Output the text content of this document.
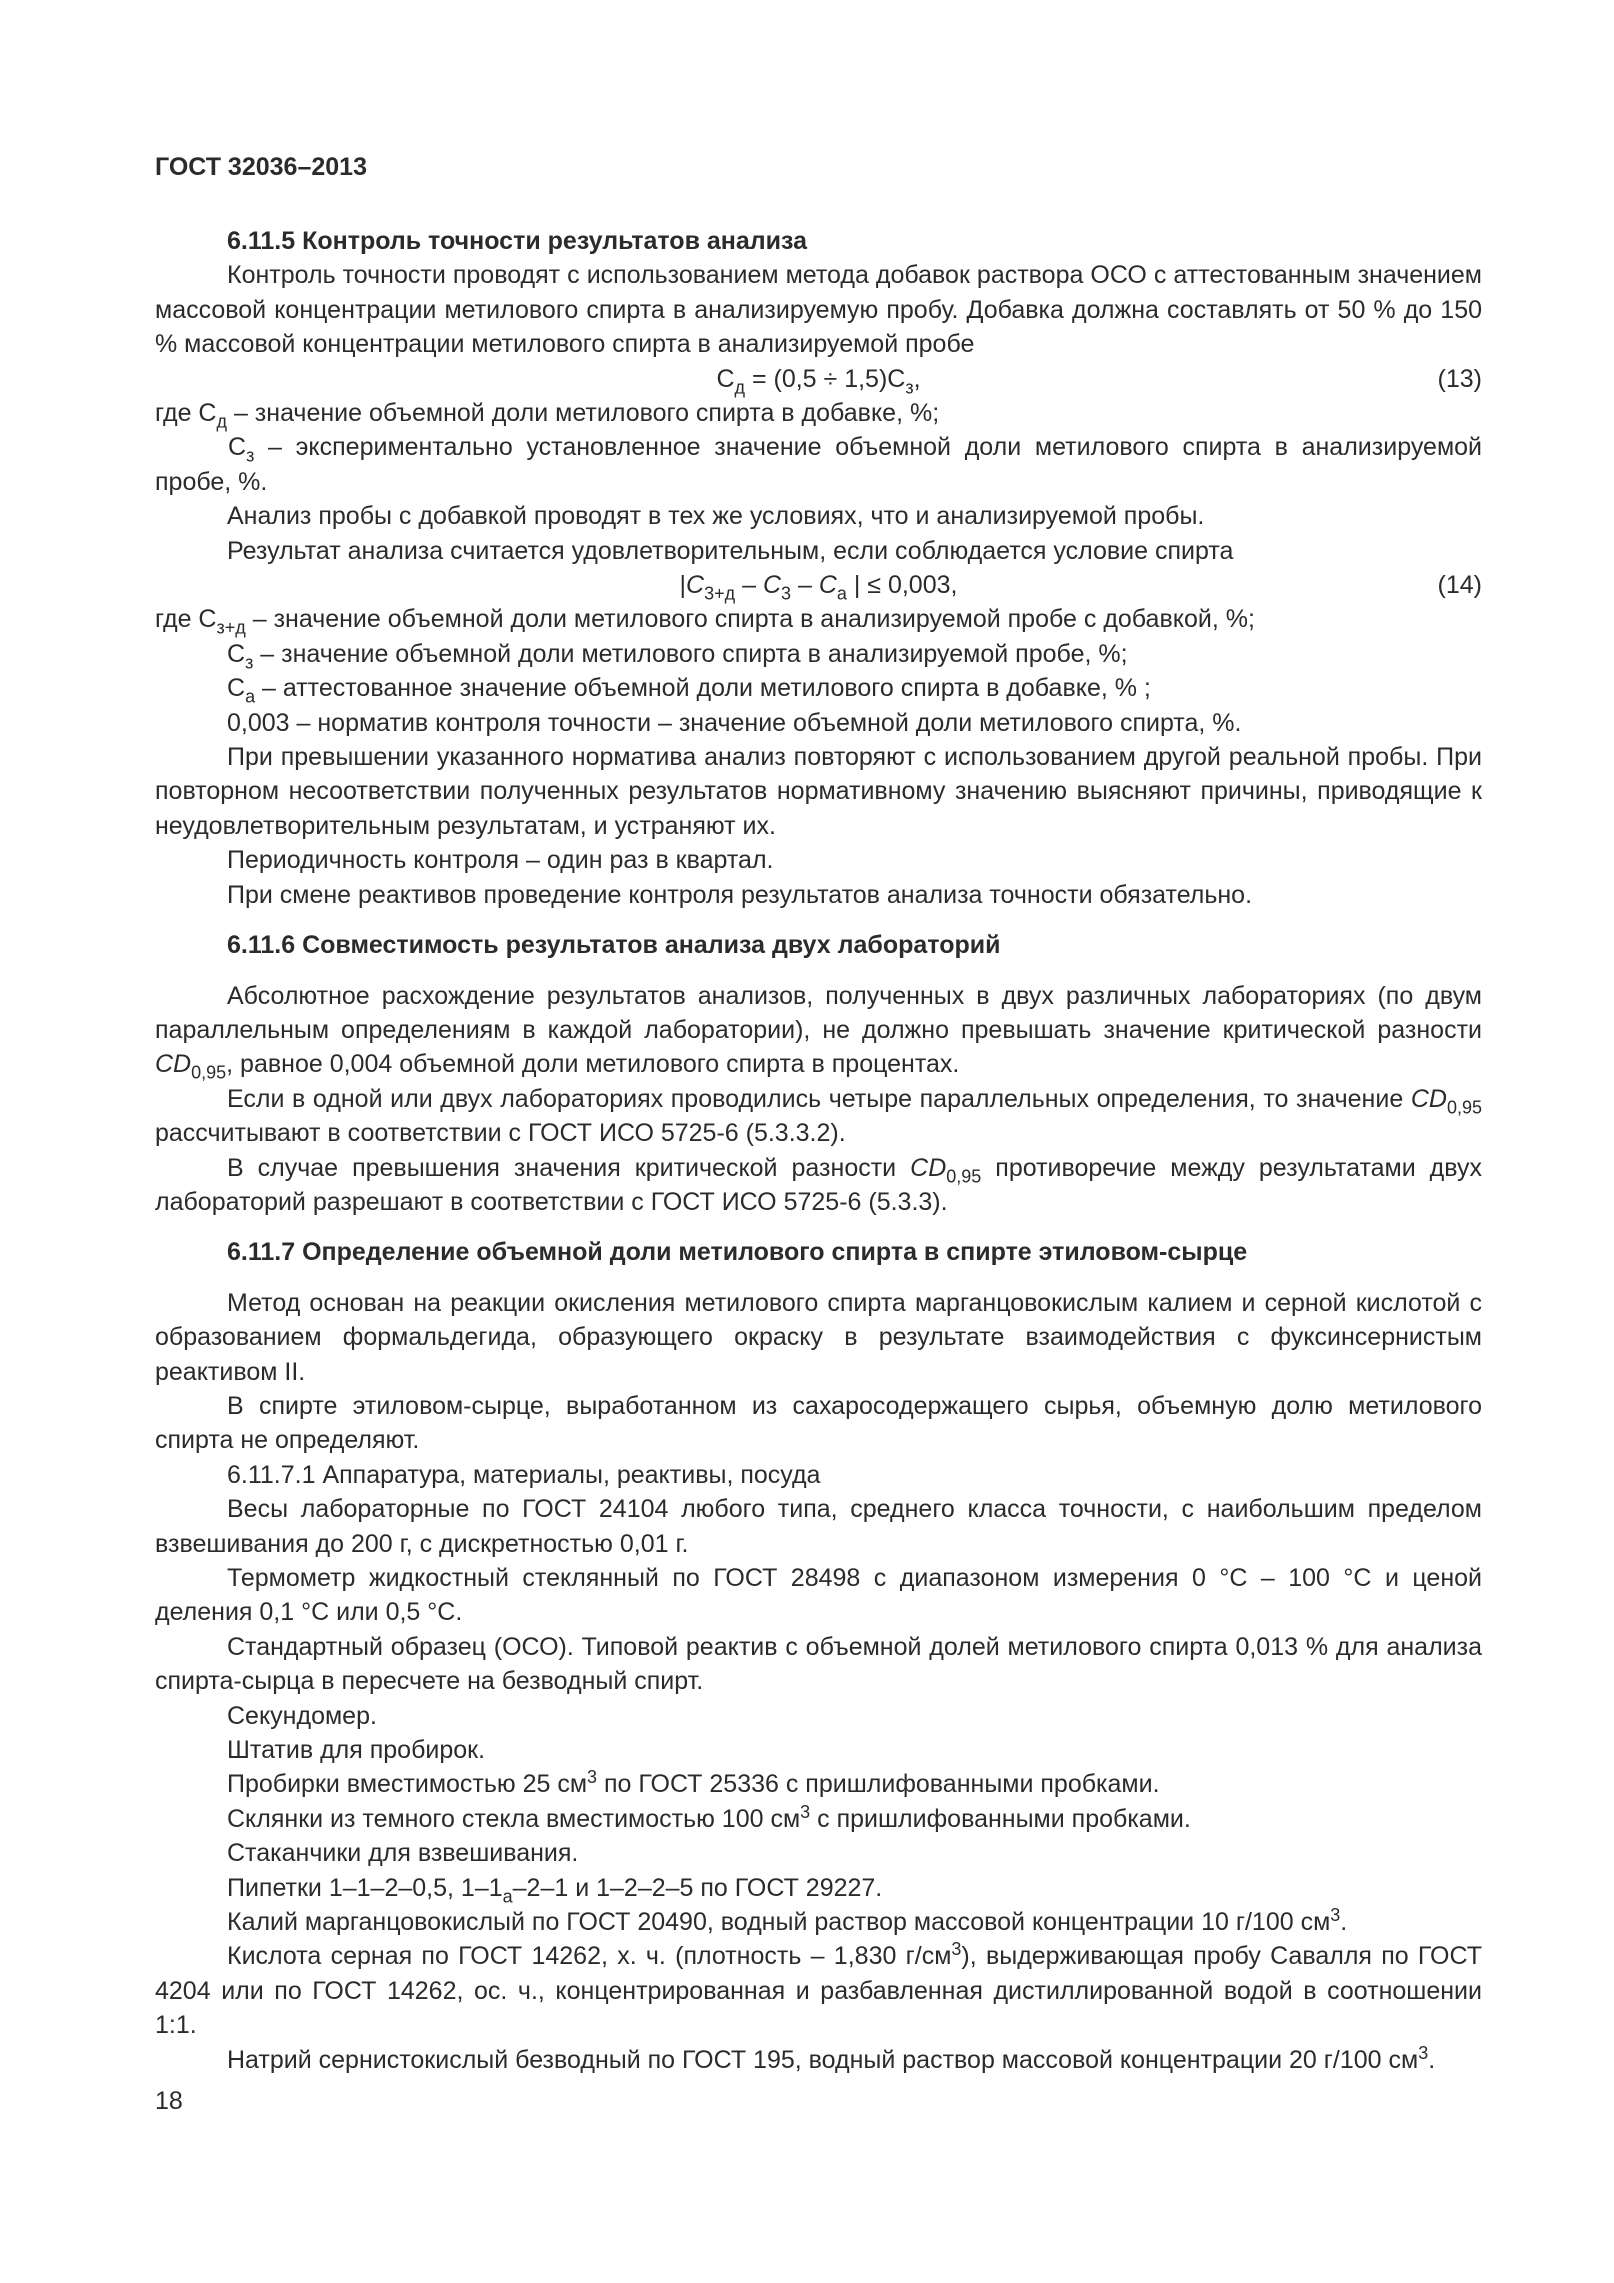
ГОСТ 32036–2013

6.11.5 Контроль точности результатов анализа

Контроль точности проводят с использованием метода добавок раствора ОСО с аттестованным значением массовой концентрации метилового спирта в анализируемую пробу. Добавка должна составлять от 50 % до 150 % массовой концентрации метилового спирта в анализируемой пробе

$С_д = (0,5 \div 1,5)С_з$,	(13)

где $С_д$ – значение объемной доли метилового спирта в добавке, %;

$С_з$ – экспериментально установленное значение объемной доли метилового спирта в анализируемой пробе, %.

Анализ пробы с добавкой проводят в тех же условиях, что и анализируемой пробы.

Результат анализа считается удовлетворительным, если соблюдается условие спирта

$|C_{3+д} - C_3 - C_a$ | ≤ 0,003,	(14)

где $С_{з+д}$ – значение объемной доли метилового спирта в анализируемой пробе с добавкой, %;

$С_з$ – значение объемной доли метилового спирта в анализируемой пробе, %;

$С_а$ – аттестованное значение объемной доли метилового спирта в добавке, % ;

0,003 – норматив контроля точности – значение объемной доли метилового спирта, %.

При превышении указанного норматива анализ повторяют с использованием другой реальной пробы. При повторном несоответствии полученных результатов нормативному значению выясняют причины, приводящие к неудовлетворительным результатам, и устраняют их.

Периодичность контроля – один раз в квартал.

При смене реактивов проведение контроля результатов анализа точности обязательно.

6.11.6 Совместимость результатов анализа двух лабораторий

Абсолютное расхождение результатов анализов, полученных в двух различных лабораториях (по двум параллельным определениям в каждой лаборатории), не должно превышать значение критической разности $CD_{0,95}$, равное 0,004 объемной доли метилового спирта в процентах.

Если в одной или двух лабораториях проводились четыре параллельных определения, то значение $CD_{0,95}$ рассчитывают в соответствии с ГОСТ ИСО 5725-6 (5.3.3.2).

В случае превышения значения критической разности $CD_{0,95}$ противоречие между результатами двух лабораторий разрешают в соответствии с ГОСТ ИСО 5725-6 (5.3.3).

6.11.7 Определение объемной доли метилового спирта в спирте этиловом-сырце

Метод основан на реакции окисления метилового спирта марганцовокислым калием и серной кислотой с образованием формальдегида, образующего окраску в результате взаимодействия с фуксинсернистым реактивом II.

В спирте этиловом-сырце, выработанном из сахаросодержащего сырья, объемную долю метилового спирта не определяют.

6.11.7.1 Аппаратура, материалы, реактивы, посуда

Весы лабораторные по ГОСТ 24104 любого типа, среднего класса точности, с наибольшим пределом взвешивания до 200 г, с дискретностью 0,01 г.

Термометр жидкостный стеклянный по ГОСТ 28498 с диапазоном измерения 0 °С – 100 °С и ценой деления 0,1 °С или 0,5 °С.

Стандартный образец (ОСО). Типовой реактив с объемной долей метилового спирта 0,013 % для анализа спирта-сырца в пересчете на безводный спирт.

Секундомер.

Штатив для пробирок.

Пробирки вместимостью 25 $см^3$ по ГОСТ 25336 с пришлифованными пробками.

Склянки из темного стекла вместимостью 100 $см^3$ с пришлифованными пробками.

Стаканчики для взвешивания.

Пипетки 1–1–2–0,5, $1-1_а-2-1$ и 1–2–2–5 по ГОСТ 29227.

Калий марганцовокислый по ГОСТ 20490, водный раствор массовой концентрации 10 г/100 $см^3$.

Кислота серная по ГОСТ 14262, х. ч. (плотность – 1,830 $г/см^3$), выдерживающая пробу Савалля по ГОСТ 4204 или по ГОСТ 14262, ос. ч., концентрированная и разбавленная дистиллированной водой в соотношении 1:1.

Натрий сернистокислый безводный по ГОСТ 195, водный раствор массовой концентрации 20 г/100 $см^3$.

18
